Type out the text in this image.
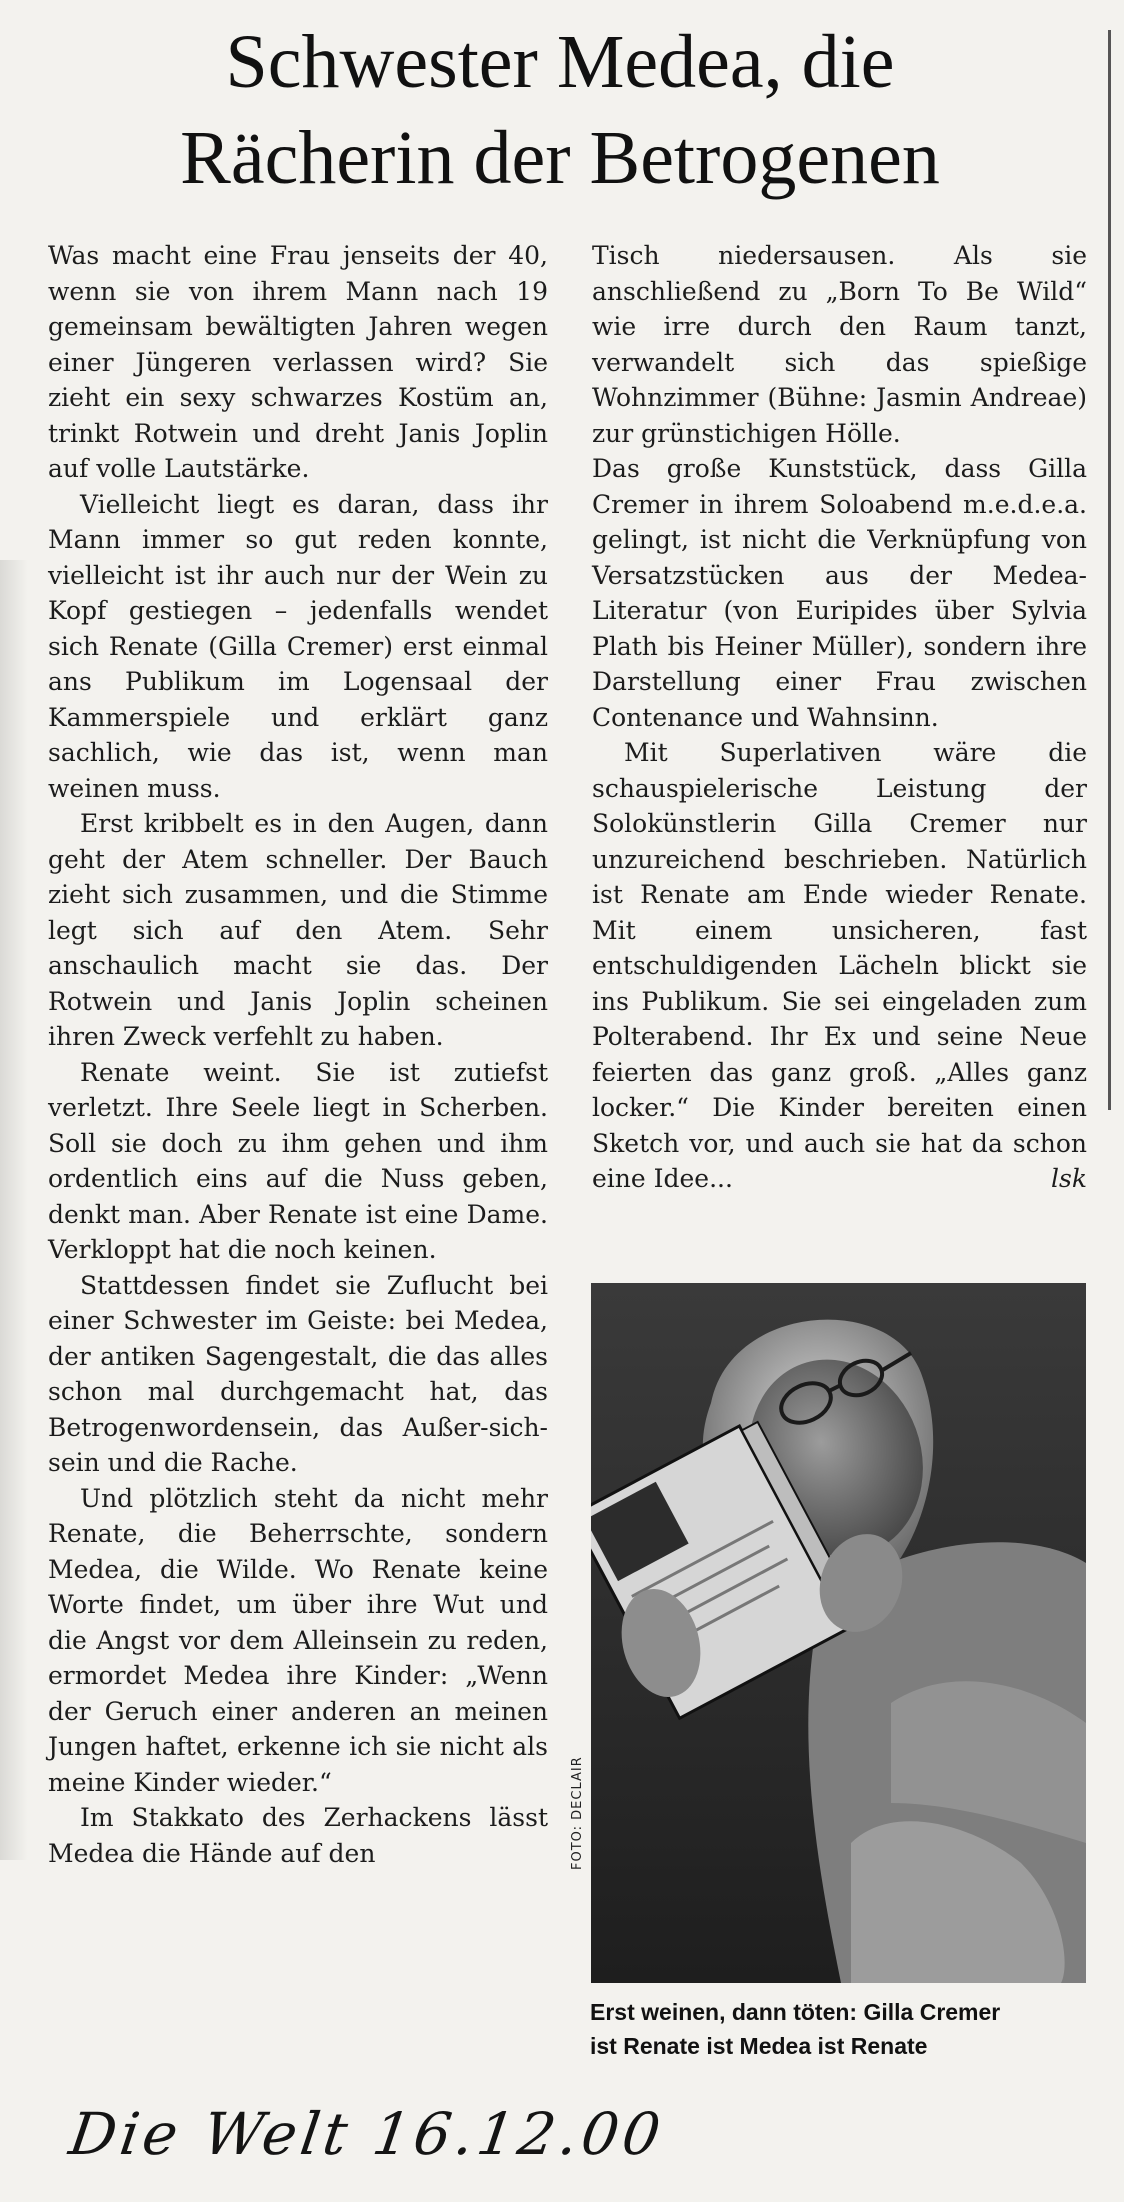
Schwester Medea, die
Rächerin der Betrogenen

Was macht eine Frau jenseits der 40, wenn sie von ihrem Mann nach 19 gemeinsam bewältigten Jahren wegen einer Jüngeren verlassen wird? Sie zieht ein sexy schwarzes Kostüm an, trinkt Rotwein und dreht Janis Joplin auf volle Lautstärke.

Vielleicht liegt es daran, dass ihr Mann immer so gut reden konnte, vielleicht ist ihr auch nur der Wein zu Kopf gestiegen – jedenfalls wendet sich Renate (Gilla Cremer) erst einmal ans Publikum im Logensaal der Kammerspiele und erklärt ganz sachlich, wie das ist, wenn man weinen muss.

Erst kribbelt es in den Augen, dann geht der Atem schneller. Der Bauch zieht sich zusammen, und die Stimme legt sich auf den Atem. Sehr anschaulich macht sie das. Der Rotwein und Janis Joplin scheinen ihren Zweck verfehlt zu haben.

Renate weint. Sie ist zutiefst verletzt. Ihre Seele liegt in Scherben. Soll sie doch zu ihm gehen und ihm ordentlich eins auf die Nuss geben, denkt man. Aber Renate ist eine Dame. Verkloppt hat die noch keinen.

Stattdessen findet sie Zuflucht bei einer Schwester im Geiste: bei Medea, der antiken Sagengestalt, die das alles schon mal durchgemacht hat, das Betrogenwordensein, das Außer-sich-sein und die Rache.

Und plötzlich steht da nicht mehr Renate, die Beherrschte, sondern Medea, die Wilde. Wo Renate keine Worte findet, um über ihre Wut und die Angst vor dem Alleinsein zu reden, ermordet Medea ihre Kinder: „Wenn der Geruch einer anderen an meinen Jungen haftet, erkenne ich sie nicht als meine Kinder wieder.“

Im Stakkato des Zerhackens lässt Medea die Hände auf den

Tisch niedersausen. Als sie anschließend zu „Born To Be Wild“ wie irre durch den Raum tanzt, verwandelt sich das spießige Wohnzimmer (Bühne: Jasmin Andreae) zur grünstichigen Hölle.

Das große Kunststück, dass Gilla Cremer in ihrem Soloabend m.e.d.e.a. gelingt, ist nicht die Verknüpfung von Versatzstücken aus der Medea-Literatur (von Euripides über Sylvia Plath bis Heiner Müller), sondern ihre Darstellung einer Frau zwischen Contenance und Wahnsinn.

Mit Superlativen wäre die schauspielerische Leistung der Solokünstlerin Gilla Cremer nur unzureichend beschrieben. Natürlich ist Renate am Ende wieder Renate. Mit einem unsicheren, fast entschuldigenden Lächeln blickt sie ins Publikum. Sie sei eingeladen zum Polterabend. Ihr Ex und seine Neue feierten das ganz groß. „Alles ganz locker.“ Die Kinder bereiten einen Sketch vor, und auch sie hat da schon eine Idee...	lsk

FOTO: DECLAIR
Erst weinen, dann töten: Gilla Cremer
ist Renate ist Medea ist Renate
Die Welt 16.12.00
